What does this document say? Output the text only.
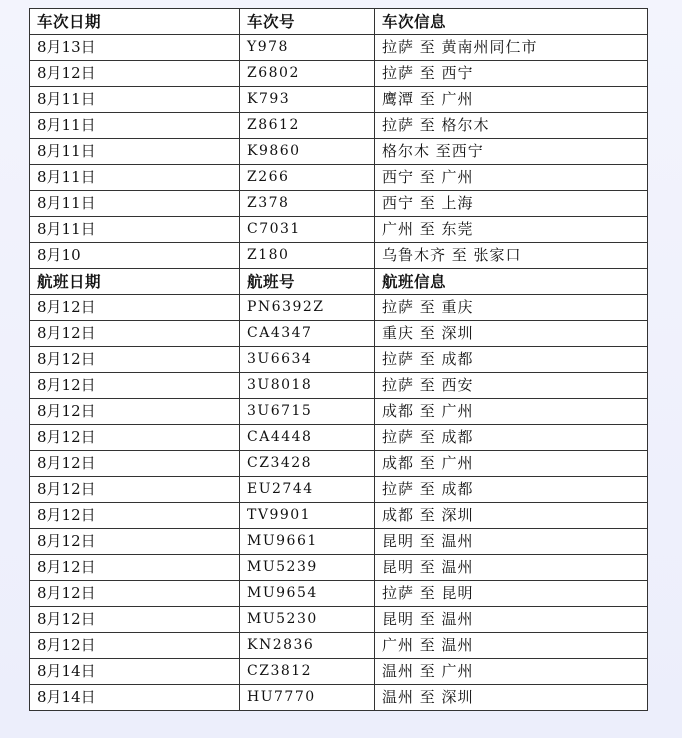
车次日期	车次号	车次信息
8月13日	Y978	拉萨 至 黄南州同仁市
8月12日	Z6802	拉萨 至 西宁
8月11日	K793	鹰潭 至 广州
8月11日	Z8612	拉萨 至 格尔木
8月11日	K9860	格尔木 至西宁
8月11日	Z266	西宁 至 广州
8月11日	Z378	西宁 至 上海
8月11日	C7031	广州 至 东莞
8月10	Z180	乌鲁木齐 至 张家口
航班日期	航班号	航班信息
8月12日	PN6392Z	拉萨 至 重庆
8月12日	CA4347	重庆 至 深圳
8月12日	3U6634	拉萨 至 成都
8月12日	3U8018	拉萨 至 西安
8月12日	3U6715	成都 至 广州
8月12日	CA4448	拉萨 至 成都
8月12日	CZ3428	成都 至 广州
8月12日	EU2744	拉萨 至 成都
8月12日	TV9901	成都 至 深圳
8月12日	MU9661	昆明 至 温州
8月12日	MU5239	昆明 至 温州
8月12日	MU9654	拉萨 至 昆明
8月12日	MU5230	昆明 至 温州
8月12日	KN2836	广州 至 温州
8月14日	CZ3812	温州 至 广州
8月14日	HU7770	温州 至 深圳
